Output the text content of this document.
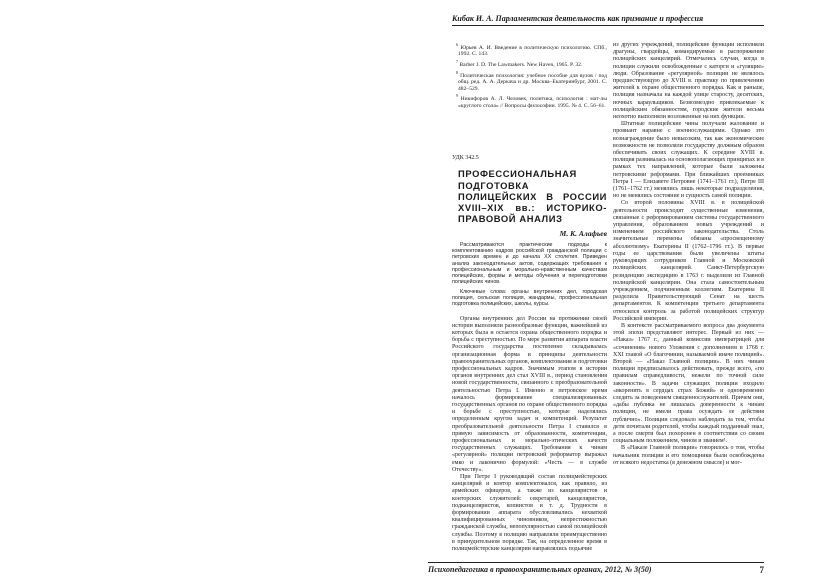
Кибак И. А. Парламентская деятельность как призвание и профессия

$^6$ Юрьев А. И. Введение в политическую психологию. СПб., 1992. С. 143.

$^7$ Barber J. D. The Lawmakers. New Haven, 1965. P. 32.

$^8$ Политическая психология: учебное пособие для вузов / под общ. ред. А. А. Деркача и др. Москва–Екатеринбург, 2001. С. 482–529.

$^9$ Никифоров А. Л. Человек, политика, психология : мат-лы «круглого стола» // Вопросы философии. 1995. № 4. С. 56–61.

УДК 342.5
ПРОФЕССИОНАЛЬНАЯ ПОДГОТОВКА ПОЛИЦЕЙСКИХ В РОССИИ XVIII–XIX вв.: ИСТОРИКО-ПРАВОВОЙ АНАЛИЗ
М. К. Алафьев

Рассматриваются практические подходы к комплектованию кадров российской гражданской полиции с петровских времен и до начала ХХ столетия. Приведен анализ законодательных актов, содержащих требования к профессиональным и морально-нравственным качествам полицейских, формы и методы обучения и переподготовки полицейских чинов.

Ключевые слова: органы внутренних дел, городская полиция, сельская полиция, жандармы, профессиональная подготовка полицейских, школы, курсы.

Органы внутренних дел России на протяжении своей истории выполняли разнообразные функции, важнейшей из которых была и остается охрана общественного порядка и борьба с преступностью. По мере развития аппарата власти Российского государства постепенно складывалась организационная форма и принципы деятельности правоохранительных органов, комплектования и подготовки профессиональных кадров. Значимым этапом в истории органов внутренних дел стал XVIII в., период становления новой государственности, связанного с преобразовательной деятельностью Петра I. Именно в петровское время началось формирование специализированных государственных органов по охране общественного порядка и борьбе с преступностью, которые наделялись определенным кругом задач и компетенций. Результат преобразовательной деятельности Петра I ставился в прямую зависимость от образованности, компетенции, профессиональных и морально-этических качеств государственных служащих. Требования к чинам «регулярной» полиции петровский реформатор выражал емко и лаконично формулой: «Честь — в службе Отечеству».

При Петре I руководящий состав полицмейстерских канцелярий и контор комплектовался, как правило, из армейских офицеров, а также из канцеляристов и конторских служителей: секретарей, канцеляристов, подканцеляристов, копиистов и т. д. Трудности в формировании аппарата обусловливались нехваткой квалифицированных чиновников, непрестижностью гражданской службы, непопулярностью самой полицейской службы. Поэтому в полицию направляли преимущественно в принудительном порядке. Так, на определенное время в полицмейстерские канцелярии направлялись подьячие

из других учреждений, полицейские функции исполняли драгуны, гвардейцы, командируемые в распоряжение полицейских канцелярий. Отмечались случаи, когда в полиции служили освобожденные с каторги и «гулящие» люди. Образование «регулярной» полиции не являлось предшествующую до XVIII в. практику по привлечению жителей к охране общественного порядка. Как и раньше, полиция назначала на каждой улице старосту, десятских, ночных караульщиков. Безвозмездно привлекаемые к полицейским обязанностям, городские жители весьма неохотно выполняли возложенные на них функции.

Штатные полицейские чины получали жалование и провиант наравне с военнослужащими. Однако это вознаграждение было невысоким, так как экономические возможности не позволяли государству должным образом обеспечивать своих служащих. К середине XVIII в. полиция развивалась на основополагающих принципах и в рамках тех направлений, которые были заложены петровскими реформами. При ближайших преемниках Петра I — Елизавете Петровне (1741–1761 гг.), Петре III (1761–1762 гг.) менялись лишь некоторые подразделения, но не менялись состояние и сущность самой полиции.

Со второй половины XVIII в. в полицейской деятельности происходят существенные изменения, связанные с реформированием системы государственного управления, образованием новых учреждений и изменением российского законодательства. Столь значительные перемены обязаны «просвещенному абсолютизму» Екатерины II (1762–1796 гг.). В первые годы ее царствования были увеличены штаты руководящих сотрудников Главной и Московской полицейских канцелярий. Санкт-Петербургскую резиденцию экспедицию в 1763 г. выделили из Главной полицейской канцелярии. Она стала самостоятельным учреждением, подчиненным коллегиям. Екатерина II разделила Правительствующий Сенат на шесть департаментов. К компетенции третьего департамента относился контроль за работой полицейских структур Российской империи.

В контексте рассматриваемого вопроса два документа этой эпохи представляют интерес. Первый из них — «Наказ» 1767 г., данный комиссии императрицей для «сочинения» нового Уложения с дополнением в 1768 г. XXI главой «О благочинии, называемой иначе полицией». Второй — «Наказ Главной полиции». В них чинам полиции предписывалось действовать, прежде всего, «по правилам справедливости, нежели по точной силе законности». В задачи служащих полиции входило «вкоренить в сердцах страх Божий» и одновременно следить за поведением священнослужителей. Причем они, «дабы публика не лишалась доверенности к чинам полиции, не имели права осуждать ее действия публично». Полиции следовало наблюдать за тем, чтобы дети почитали родителей, чтобы каждый подданный знал, а после смерти был похоронен в соответствии со своим социальным положением, чином и званием¹.

В «Наказе Главной полиции» говорилось о том, чтобы начальник полиции и его помощники были освобождены от всякого недостатка (в денежном смысле) и мог-

Психопедагогика в правоохранительных органах, 2012, № 3(50)	7
